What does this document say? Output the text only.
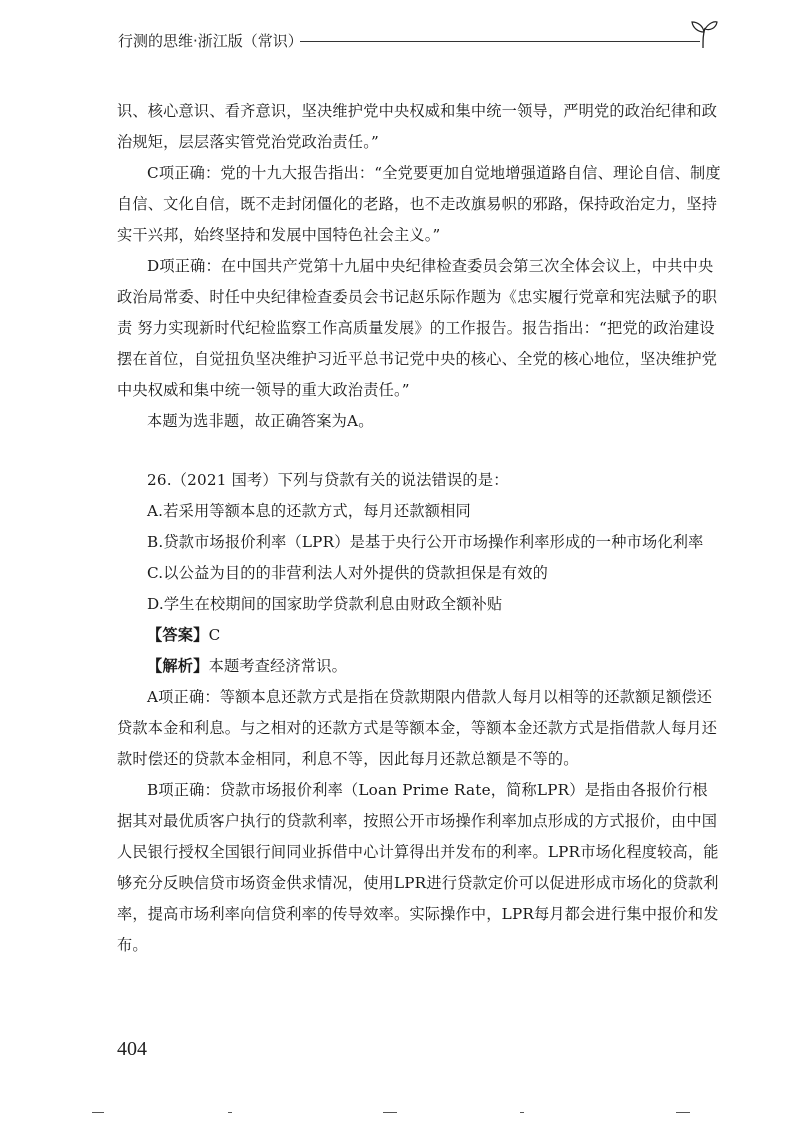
行测的思维·浙江版（常识）

识、核心意识、看齐意识，坚决维护党中央权威和集中统一领导，严明党的政治纪律和政治规矩，层层落实管党治党政治责任。”

C项正确：党的十九大报告指出：“全党要更加自觉地增强道路自信、理论自信、制度自信、文化自信，既不走封闭僵化的老路，也不走改旗易帜的邪路，保持政治定力，坚持实干兴邦，始终坚持和发展中国特色社会主义。”

D项正确：在中国共产党第十九届中央纪律检查委员会第三次全体会议上，中共中央政治局常委、时任中央纪律检查委员会书记赵乐际作题为《忠实履行党章和宪法赋予的职责 努力实现新时代纪检监察工作高质量发展》的工作报告。报告指出：“把党的政治建设摆在首位，自觉扭负坚决维护习近平总书记党中央的核心、全党的核心地位，坚决维护党中央权威和集中统一领导的重大政治责任。”

本题为选非题，故正确答案为A。

26.（2021 国考）下列与贷款有关的说法错误的是：

A.若采用等额本息的还款方式，每月还款额相同

B.贷款市场报价利率（LPR）是基于央行公开市场操作利率形成的一种市场化利率

C.以公益为目的的非营利法人对外提供的贷款担保是有效的

D.学生在校期间的国家助学贷款利息由财政全额补贴

【答案】C

【解析】本题考查经济常识。

A项正确：等额本息还款方式是指在贷款期限内借款人每月以相等的还款额足额偿还贷款本金和利息。与之相对的还款方式是等额本金，等额本金还款方式是指借款人每月还款时偿还的贷款本金相同，利息不等，因此每月还款总额是不等的。

B项正确：贷款市场报价利率（Loan Prime Rate，简称LPR）是指由各报价行根据其对最优质客户执行的贷款利率，按照公开市场操作利率加点形成的方式报价，由中国人民银行授权全国银行间同业拆借中心计算得出并发布的利率。LPR市场化程度较高，能够充分反映信贷市场资金供求情况，使用LPR进行贷款定价可以促进形成市场化的贷款利率，提高市场利率向信贷利率的传导效率。实际操作中，LPR每月都会进行集中报价和发布。

404
